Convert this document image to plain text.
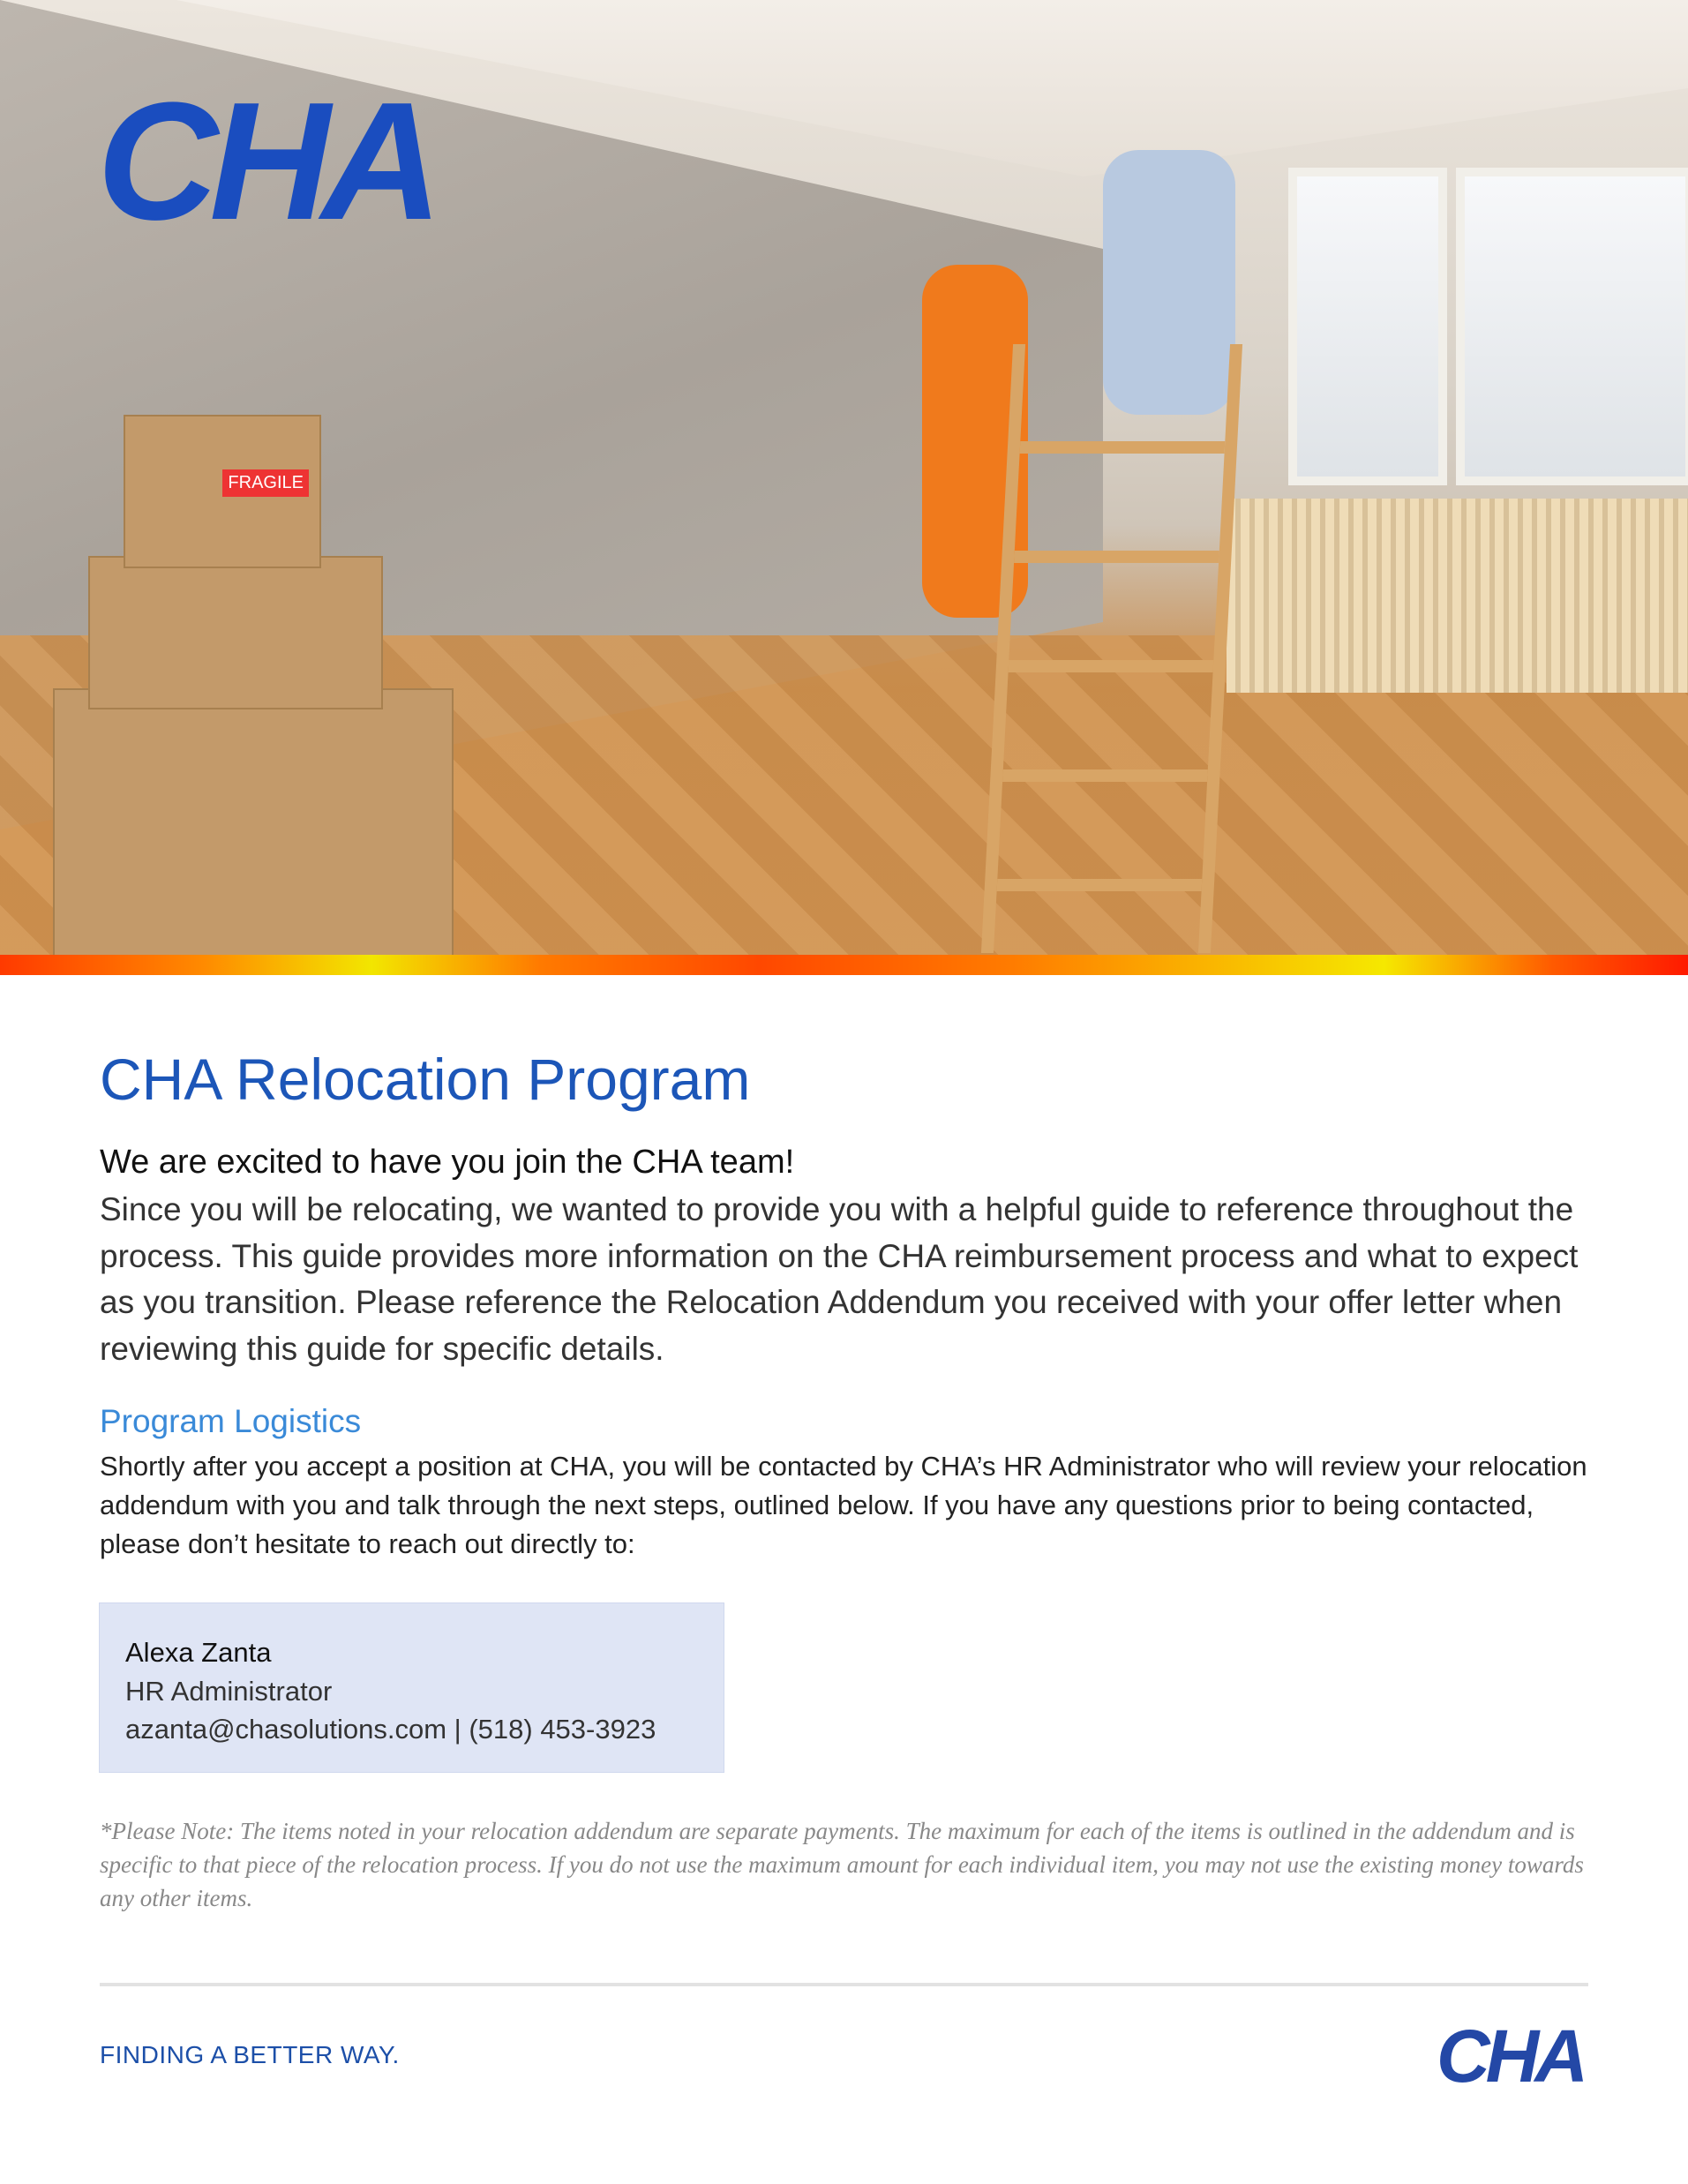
FRAGILE
CHA
CHA Relocation Program
We are excited to have you join the CHA team!
Since you will be relocating, we wanted to provide you with a helpful guide to reference throughout the process. This guide provides more information on the CHA reimbursement process and what to expect as you transition. Please reference the Relocation Addendum you received with your offer letter when reviewing this guide for specific details.
Program Logistics
Shortly after you accept a position at CHA, you will be contacted by CHA’s HR Administrator who will review your relocation addendum with you and talk through the next steps, outlined below. If you have any questions prior to being contacted, please don’t hesitate to reach out directly to:
Alexa Zanta
HR Administrator
azanta@chasolutions.com | (518) 453-3923
*Please Note: The items noted in your relocation addendum are separate payments. The maximum for each of the items is outlined in the addendum and is specific to that piece of the relocation process. If you do not use the maximum amount for each individual item, you may not use the existing money towards any other items.
FINDING A BETTER WAY.	CHA
